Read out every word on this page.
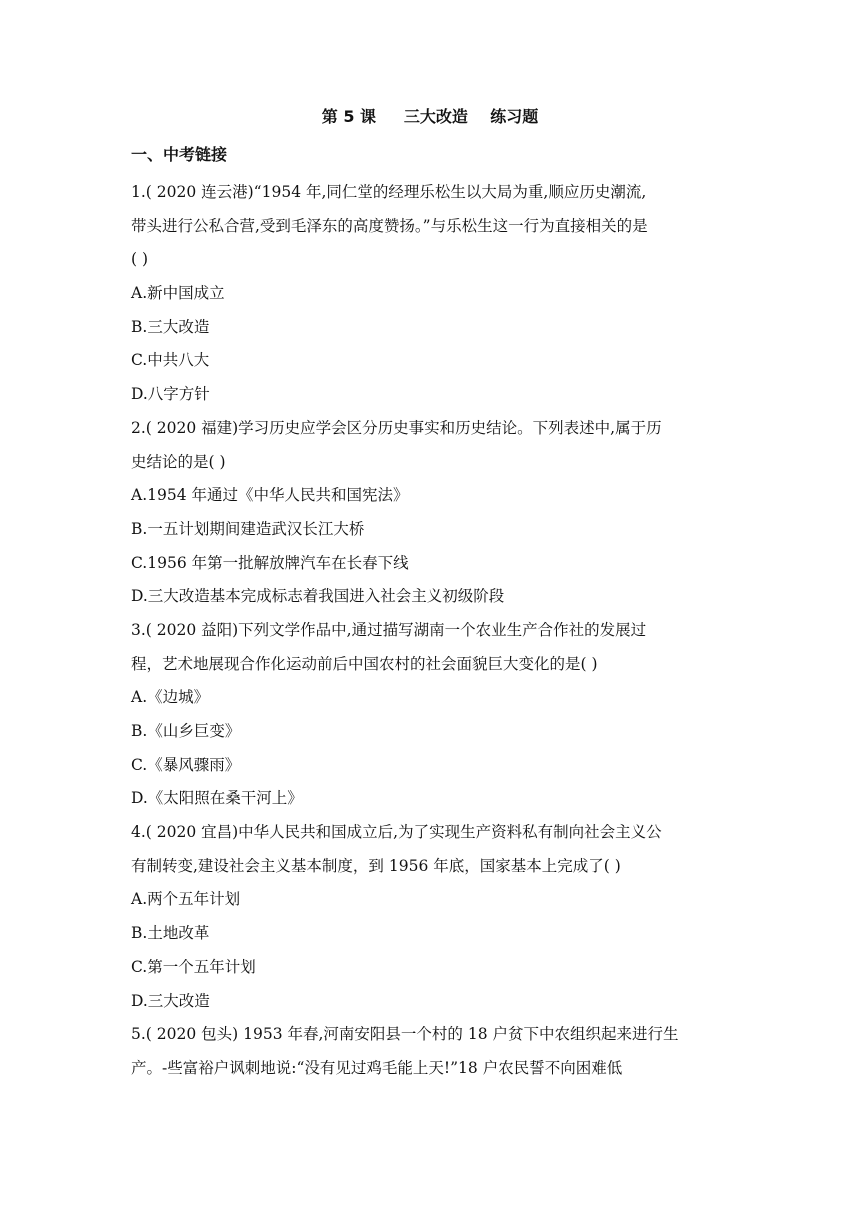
第 5 课     三大改造    练习题
一、中考链接
1.( 2020 连云港)“1954 年,同仁堂的经理乐松生以大局为重,顺应历史潮流,
带头进行公私合营,受到毛泽东的高度赞扬。”与乐松生这一行为直接相关的是
( )
A.新中国成立
B.三大改造
C.中共八大
D.八字方针
2.( 2020 福建)学习历史应学会区分历史事实和历史结论。下列表述中,属于历
史结论的是( )
A.1954 年通过《中华人民共和国宪法》
B.一五计划期间建造武汉长江大桥
C.1956 年第一批解放牌汽车在长春下线
D.三大改造基本完成标志着我国进入社会主义初级阶段
3.( 2020 益阳)下列文学作品中,通过描写湖南一个农业生产合作社的发展过
程，艺术地展现合作化运动前后中国农村的社会面貌巨大变化的是( )
A.《边城》
B.《山乡巨变》
C.《暴风骤雨》
D.《太阳照在桑干河上》
4.( 2020 宜昌)中华人民共和国成立后,为了实现生产资料私有制向社会主义公
有制转变,建设社会主义基本制度，到 1956 年底，国家基本上完成了( )
A.两个五年计划
B.土地改革
C.第一个五年计划
D.三大改造
5.( 2020 包头) 1953 年春,河南安阳县一个村的 18 户贫下中农组织起来进行生
产。-些富裕户讽刺地说:“没有见过鸡毛能上天!”18 户农民誓不向困难低
